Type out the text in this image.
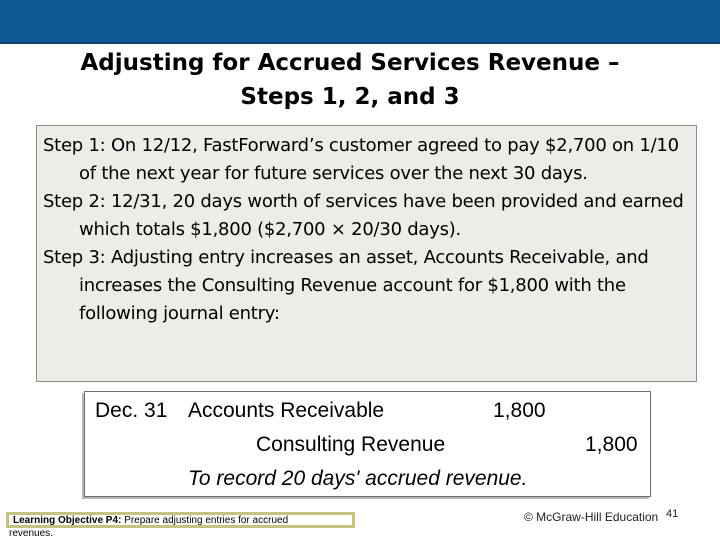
Adjusting for Accrued Services Revenue –
Steps 1, 2, and 3
Step 1: On 12/12, FastForward’s customer agreed to pay $2,700 on 1/10 of the next year for future services over the next 30 days.
Step 2: 12/31, 20 days worth of services have been provided and earned which totals $1,800 ($2,700 × 20/30 days).
Step 3: Adjusting entry increases an asset, Accounts Receivable, and increases the Consulting Revenue account for $1,800 with the following journal entry:
Dec. 31 Accounts Receivable	1,800
Consulting Revenue	1,800
To record 20 days' accrued revenue.
Learning Objective P4: Prepare adjusting entries for accrued
revenues.
© McGraw-Hill Education 41
